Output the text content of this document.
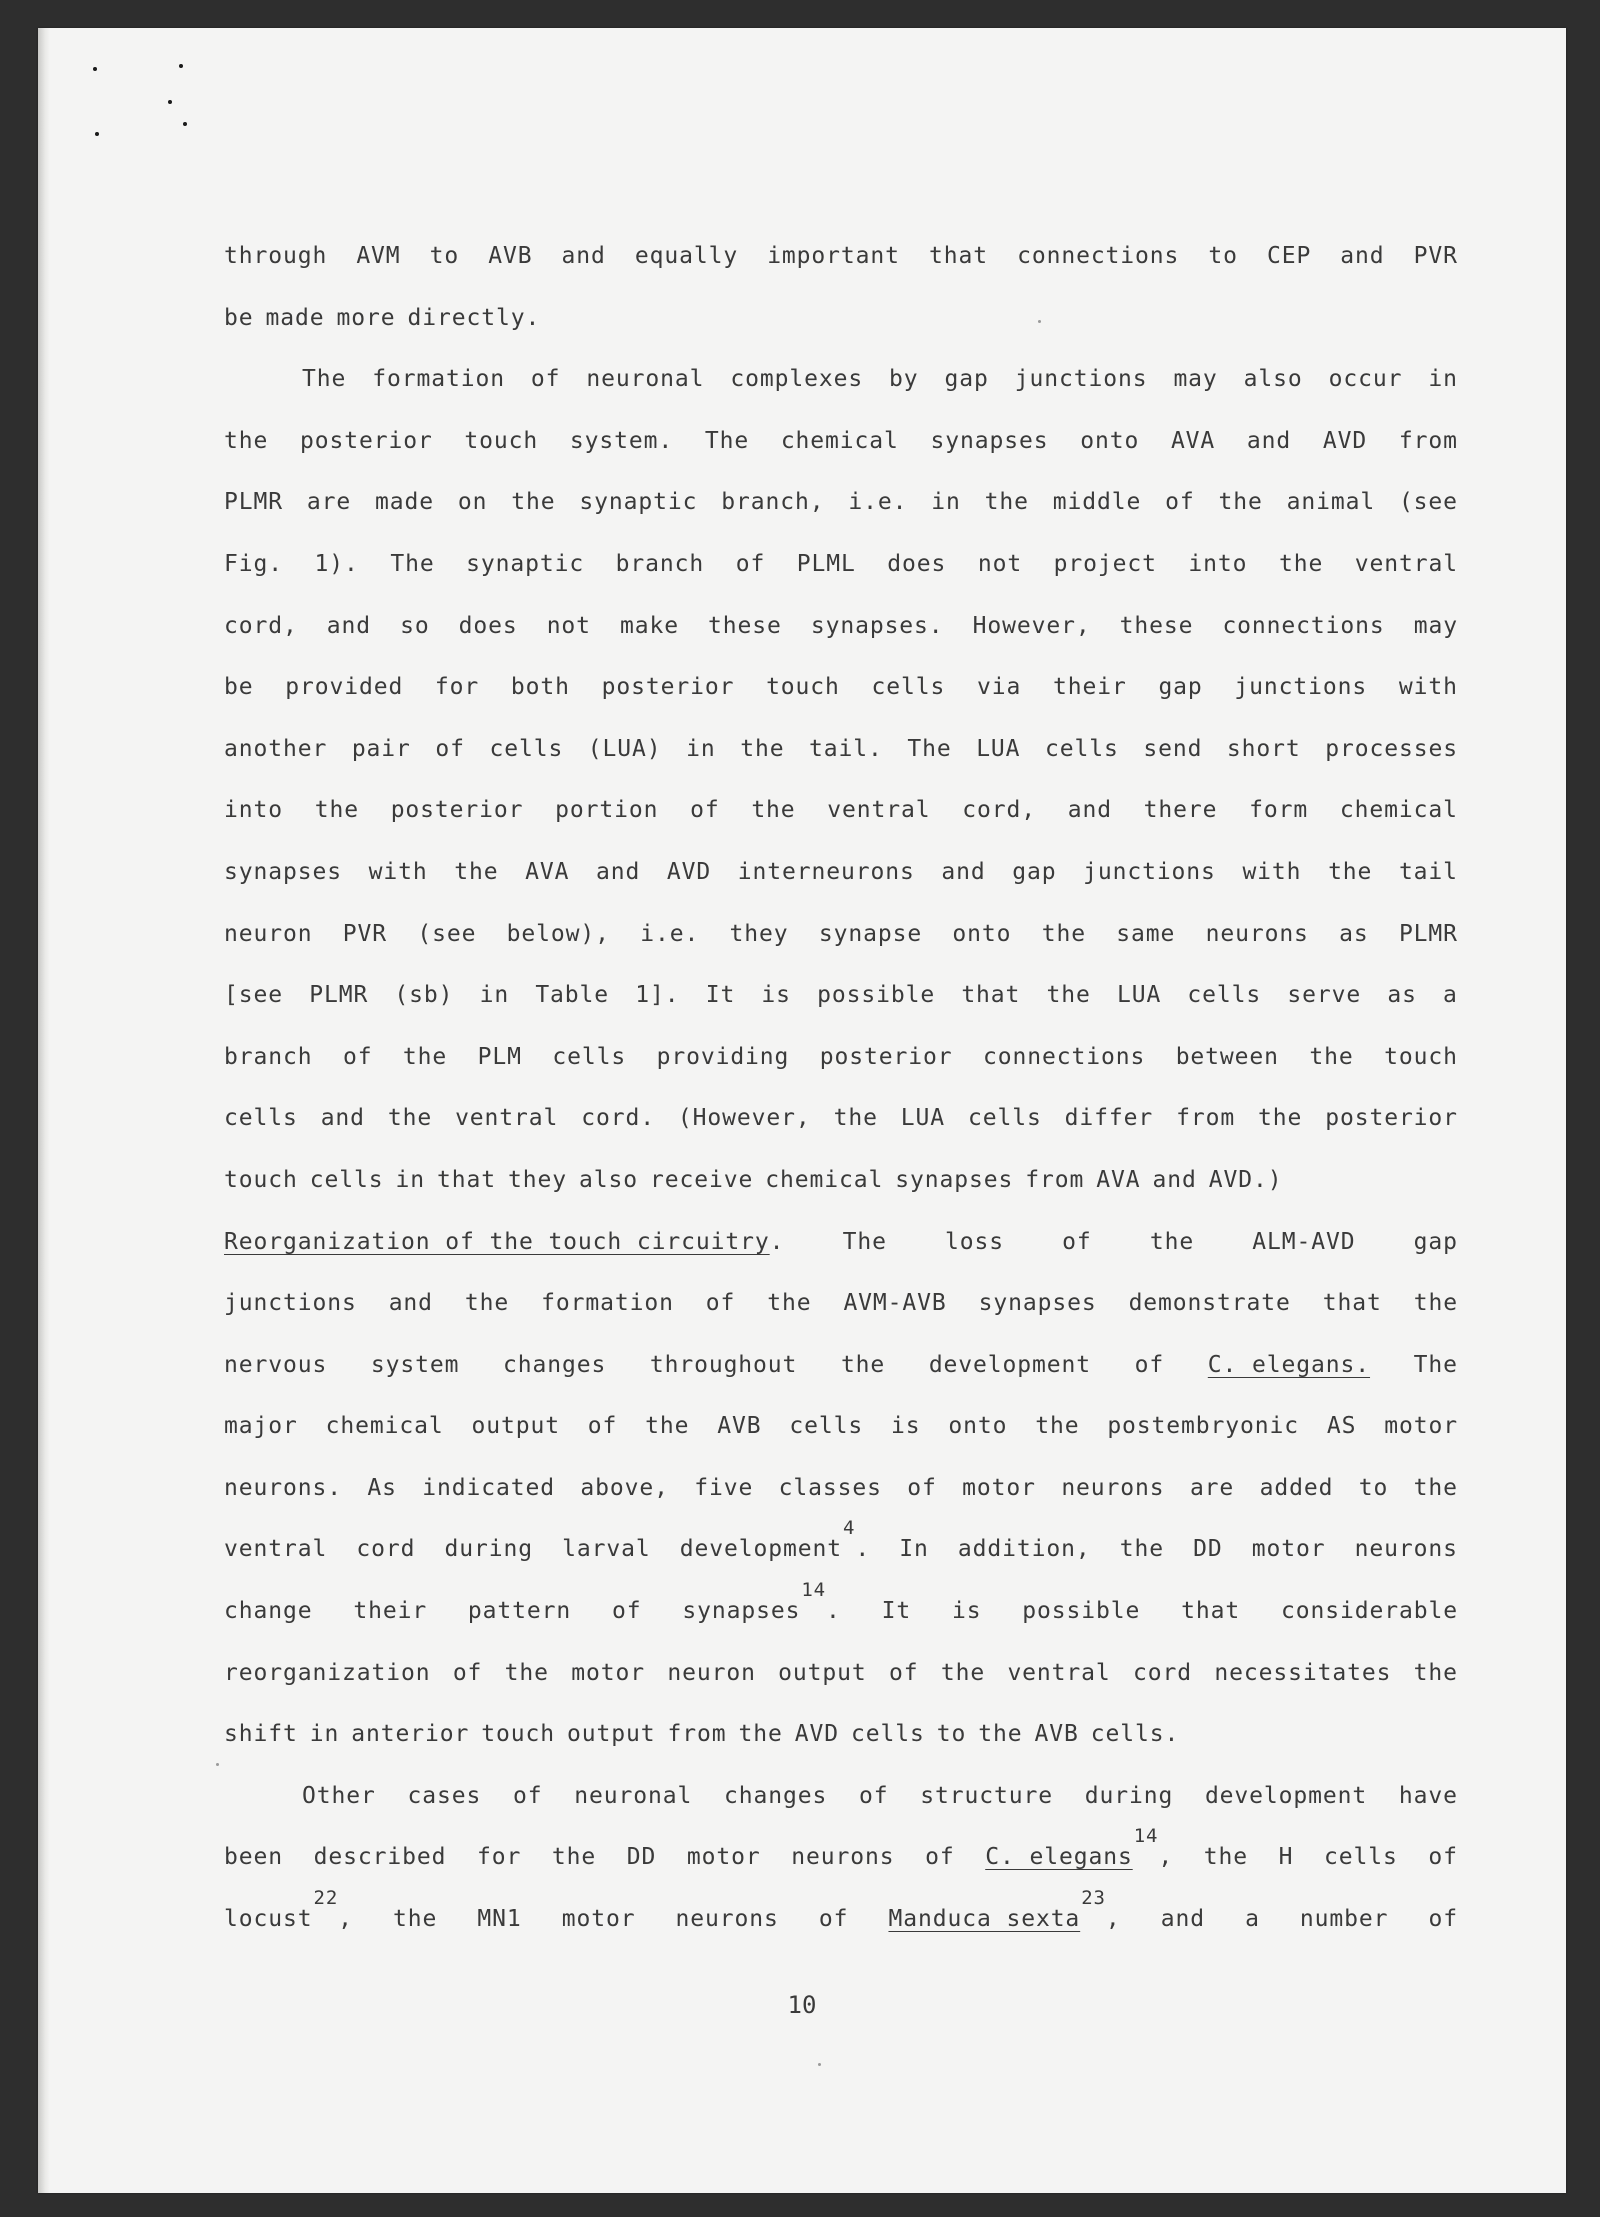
through AVM to AVB and equally important that connections to CEP and PVR
be made more directly.
The formation of neuronal complexes by gap junctions may also occur in
the posterior touch system. The chemical synapses onto AVA and AVD from
PLMR are made on the synaptic branch, i.e. in the middle of the animal (see
Fig. 1). The synaptic branch of PLML does not project into the ventral
cord, and so does not make these synapses. However, these connections may
be provided for both posterior touch cells via their gap junctions with
another pair of cells (LUA) in the tail. The LUA cells send short processes
into the posterior portion of the ventral cord, and there form chemical
synapses with the AVA and AVD interneurons and gap junctions with the tail
neuron PVR (see below), i.e. they synapse onto the same neurons as PLMR
[see PLMR (sb) in Table 1]. It is possible that the LUA cells serve as a
branch of the PLM cells providing posterior connections between the touch
cells and the ventral cord. (However, the LUA cells differ from the posterior
touch cells in that they also receive chemical synapses from AVA and AVD.)
Reorganization of the touch circuitry.	The	loss	of	the	ALM-AVD	gap
junctions and the formation of the AVM-AVB synapses demonstrate that the
nervous system changes throughout the development of C. elegans. The
major chemical output of the AVB cells is onto the postembryonic AS motor
neurons. As indicated above, five classes of motor neurons are added to the
ventral cord during larval development$^4$. In addition, the DD motor neurons
change their pattern of synapses$^{14}$. It is possible that considerable
reorganization of the motor neuron output of the ventral cord necessitates the
shift in anterior touch output from the AVD cells to the AVB cells.
Other cases of neuronal changes of structure during development have
been described for the DD motor neurons of C. elegans$^{14}$, the H cells of
locust$^{22}$, the MN1 motor neurons of Manduca sexta$^{23}$, and a number of
10
